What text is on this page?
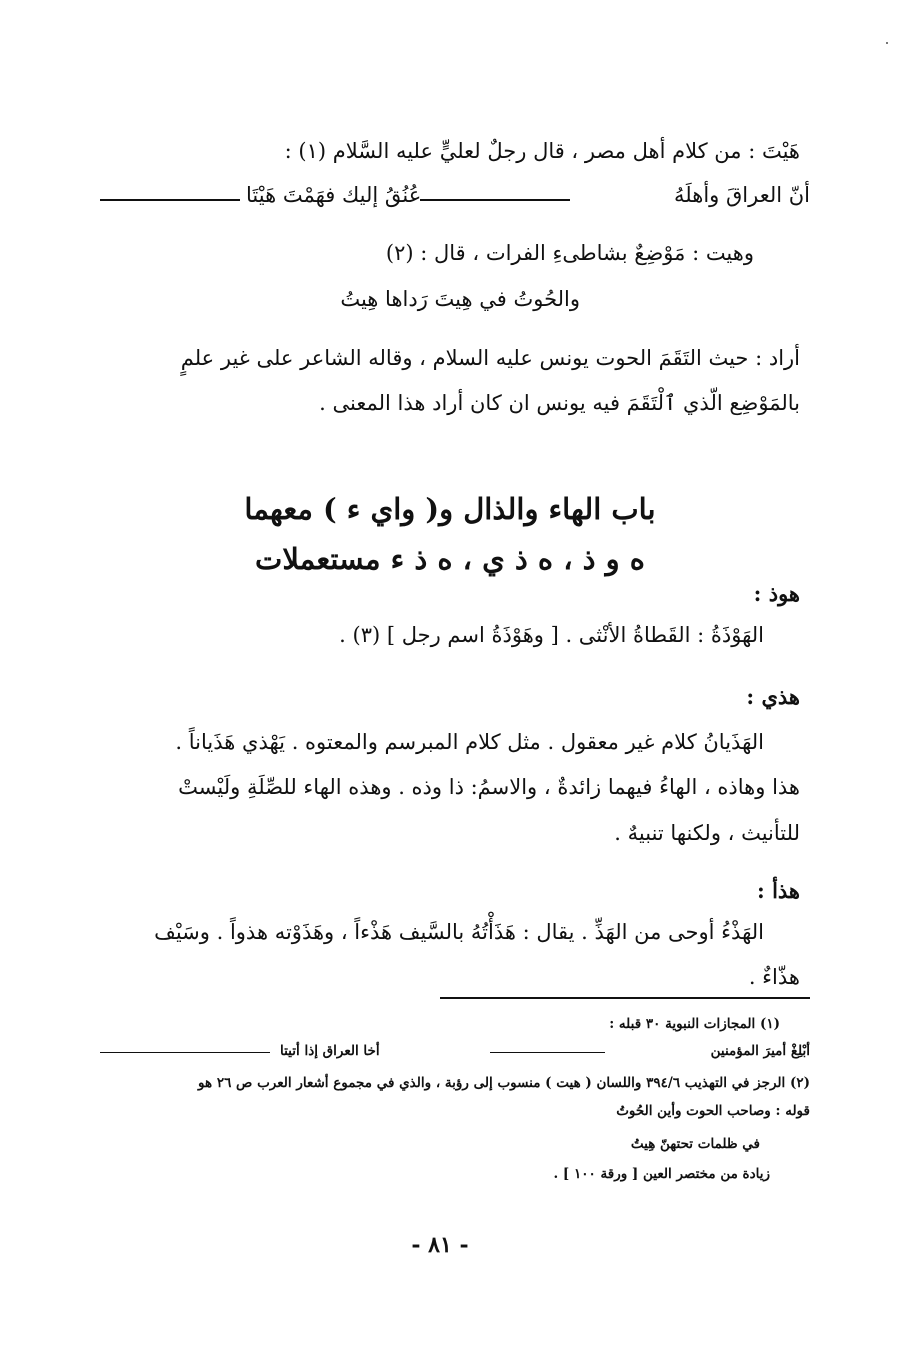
هَيْتَ : من كلام أهل مصر ، قال رجلٌ لعليٍّ عليه السَّلام (١) :
أنّ العراقَ وأهلَهُ
عُنُقُ إليك فهَمْتَ هَيْتَا
وهيت : مَوْضِعٌ بشاطىءِ الفرات ، قال : (٢)
والحُوتُ في هِيتَ رَداها هِيتُ
أراد : حيث التَقَمَ الحوت يونس عليه السلام ، وقاله الشاعر على غير علمٍ
بالمَوْضِع الّذي ٱلْتَقَمَ فيه يونس ان كان أراد هذا المعنى .
باب الهاء والذال و( واي ء ) معهما
ه و ذ ، ه ذ ي ، ه ذ ء مستعملات
هوذ :
الهَوْذَةُ : القَطاةُ الأنْثى . [ وهَوْذَةُ اسم رجل ] (٣) .
هذي :
الهَذَيانُ كلام غير معقول . مثل كلام المبرسم والمعتوه . يَهْذي هَذَياناً .
هذا وهاذه ، الهاءُ فيهما زائدةٌ ، والاسمُ: ذا وذه . وهذه الهاء للصِّلَةِ ولَيْستْ
للتأنيث ، ولكنها تنبيهٌ .
هذأ :
الهَذْءُ أوحى من الهَذِّ . يقال : هَذَأْتُهُ بالسَّيف هَذْءاً ، وهَذَوْته هذواً . وسَيْف
هذّاءٌ .
(١) المجازات النبوية ٣٠ قبله :
أبْلِغْ أميرَ المؤمنين
أخا العراق إذا أتيتا
(٢) الرجز في التهذيب ٣٩٤/٦ واللسان ( هيت ) منسوب إلى رؤبة ، والذي في مجموع أشعار العرب ص ٢٦ هو
قوله : وصاحب الحوت وأين الحُوتُ
في ظلمات تحتهنّ هِيتُ
زيادة من مختصر العين [ ورقة ١٠٠ ] .
- ٨١ -
